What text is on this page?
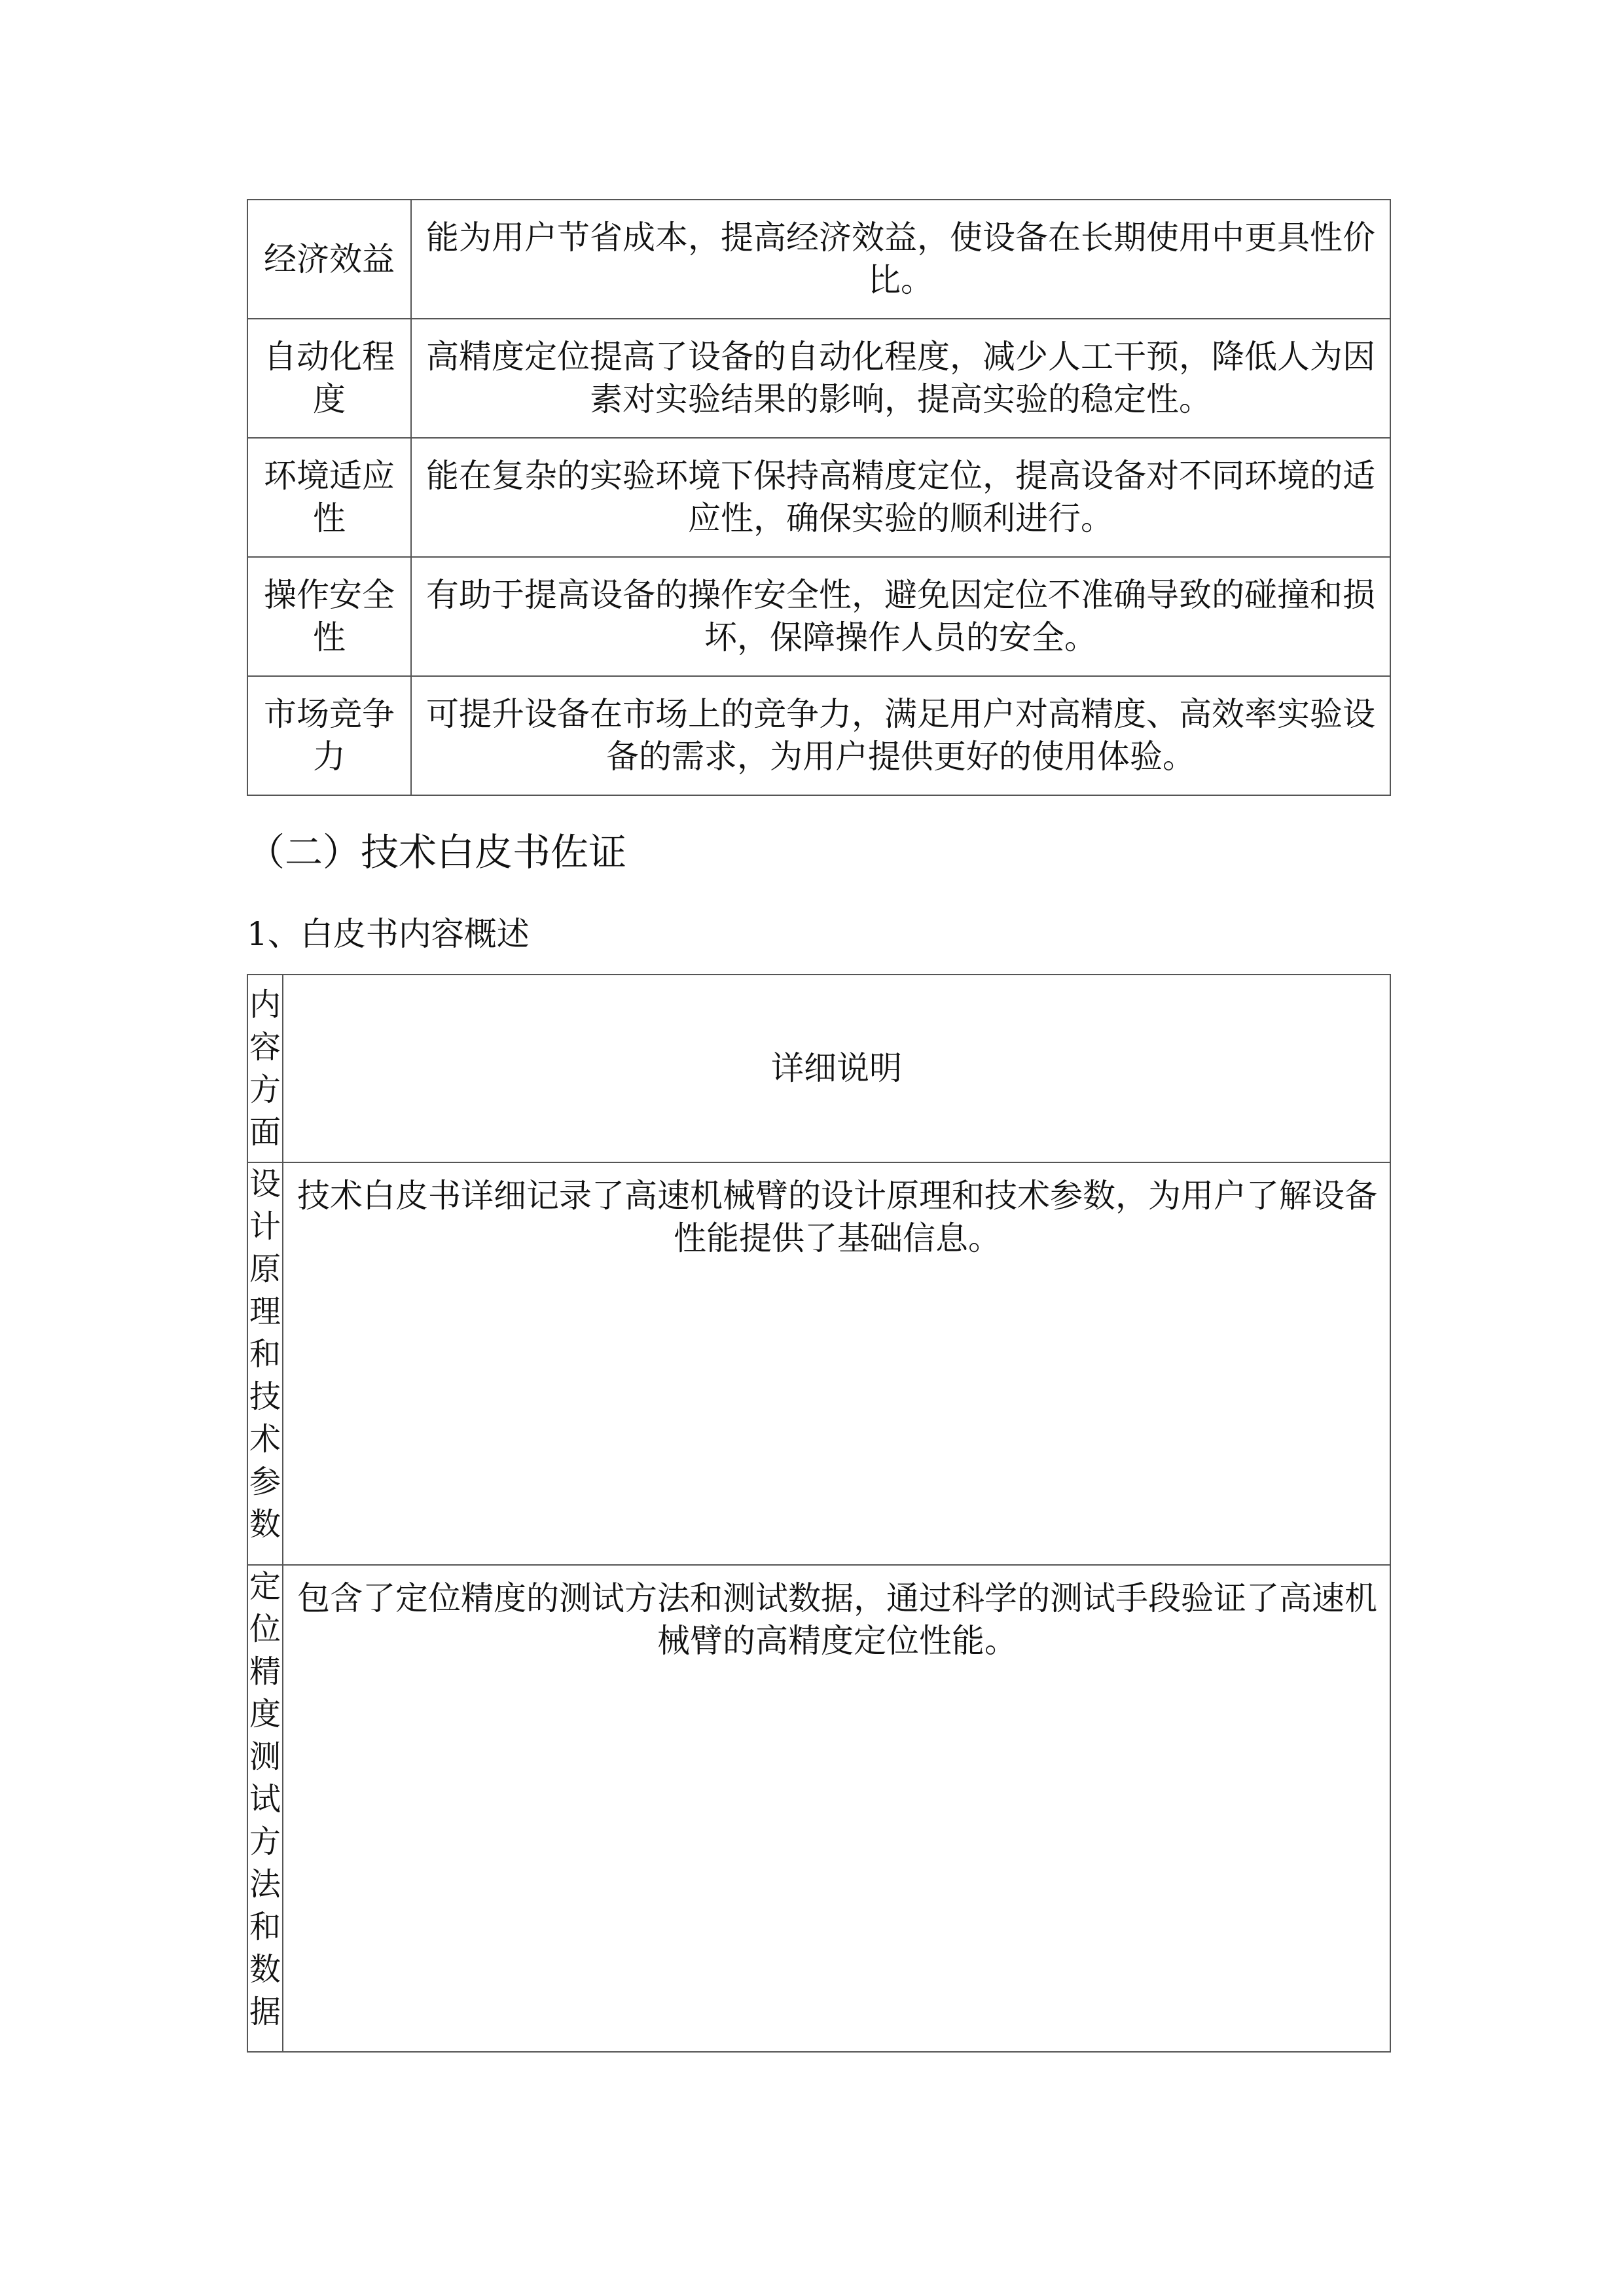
经济效益	能为用户节省成本，提高经济效益，使设备在长期使用中更具性价比。
自动化程度	高精度定位提高了设备的自动化程度，减少人工干预，降低人为因素对实验结果的影响，提高实验的稳定性。
环境适应性	能在复杂的实验环境下保持高精度定位，提高设备对不同环境的适应性，确保实验的顺利进行。
操作安全性	有助于提高设备的操作安全性，避免因定位不准确导致的碰撞和损坏，保障操作人员的安全。
市场竞争力	可提升设备在市场上的竞争力，满足用户对高精度、高效率实验设备的需求，为用户提供更好的使用体验。
（二）技术白皮书佐证
1、白皮书内容概述
内容方面	详细说明
设计原理和技术参数	技术白皮书详细记录了高速机械臂的设计原理和技术参数，为用户了解设备性能提供了基础信息。
定位精度测试方法和数据	包含了定位精度的测试方法和测试数据，通过科学的测试手段验证了高速机械臂的高精度定位性能。
